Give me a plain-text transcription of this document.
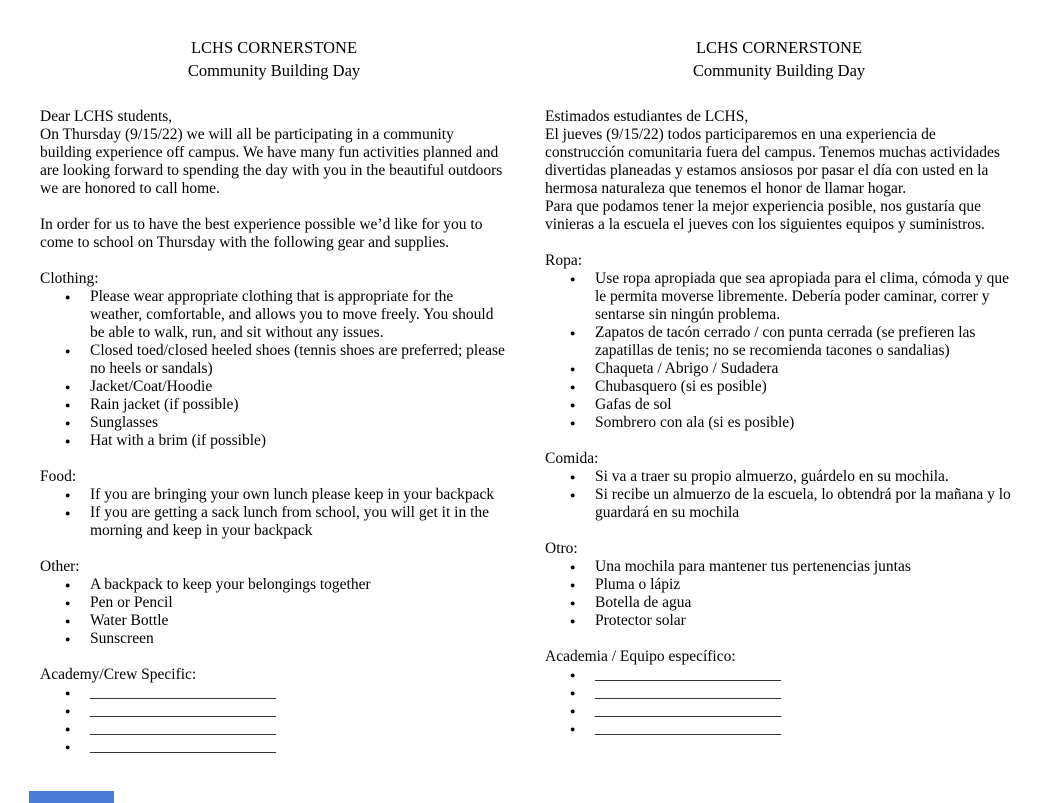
LCHS CORNERSTONE
Community Building Day

Dear LCHS students,

On Thursday (9/15/22) we will all be participating in a community building experience off campus. We have many fun activities planned and are looking forward to spending the day with you in the beautiful outdoors we are honored to call home.

In order for us to have the best experience possible we’d like for you to come to school on Thursday with the following gear and supplies.

Clothing:
● Please wear appropriate clothing that is appropriate for the weather, comfortable, and allows you to move freely. You should be able to walk, run, and sit without any issues.
● Closed toed/closed heeled shoes (tennis shoes are preferred; please no heels or sandals)
● Jacket/Coat/Hoodie
● Rain jacket (if possible)
● Sunglasses
● Hat with a brim (if possible)
Food:
● If you are bringing your own lunch please keep in your backpack
● If you are getting a sack lunch from school, you will get it in the morning and keep in your backpack
Other:
● A backpack to keep your belongings together
● Pen or Pencil
● Water Bottle
● Sunscreen
Academy/Crew Specific:
● ________________________
● ________________________
● ________________________
● ________________________
LCHS CORNERSTONE
Community Building Day

Estimados estudiantes de LCHS,

El jueves (9/15/22) todos participaremos en una experiencia de construcción comunitaria fuera del campus. Tenemos muchas actividades divertidas planeadas y estamos ansiosos por pasar el día con usted en la hermosa naturaleza que tenemos el honor de llamar hogar.

Para que podamos tener la mejor experiencia posible, nos gustaría que vinieras a la escuela el jueves con los siguientes equipos y suministros.

Ropa:
● Use ropa apropiada que sea apropiada para el clima, cómoda y que le permita moverse libremente. Debería poder caminar, correr y sentarse sin ningún problema.
● Zapatos de tacón cerrado / con punta cerrada (se prefieren las zapatillas de tenis; no se recomienda tacones o sandalias)
● Chaqueta / Abrigo / Sudadera
● Chubasquero (si es posible)
● Gafas de sol
● Sombrero con ala (si es posible)
Comida:
● Si va a traer su propio almuerzo, guárdelo en su mochila.
● Si recibe un almuerzo de la escuela, lo obtendrá por la mañana y lo guardará en su mochila
Otro:
● Una mochila para mantener tus pertenencias juntas
● Pluma o lápiz
● Botella de agua
● Protector solar
Academia / Equipo específico:
● ________________________
● ________________________
● ________________________
● ________________________
